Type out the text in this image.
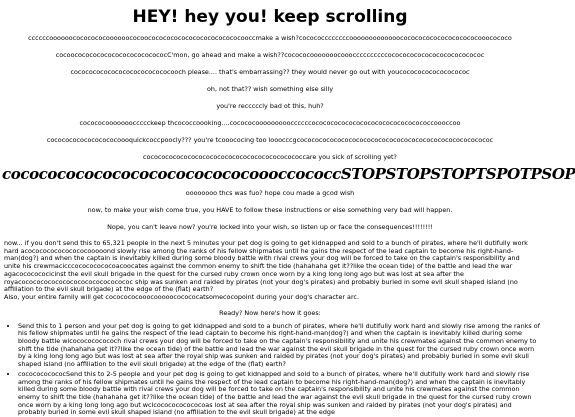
HEY! hey you! keep scrolling

ccccccoooooocococococoooooococoocococococococococococococooccmake a wish?cocococcccccccooooooooooooocococococococococococooocococo

cocoocococococococococococococC'mon, go ahead and make a wish??cocococooooooocoooccccccccccocococococococococococococ

cocococococococococococococooch please.... that's embarrassing?? they would never go out with youcocococococococococ

oh, not that?? wish something else silly

you're recccccly bad ot this, huh?

cocococoooooooccccckeep thcococcoooking....cocococoooooooooccccccococococococococococococococococcoooccoo

cocococococococococoooquickcoccpoocly??? you're tcooococing too looocccgcococococococococococococococococococococococococococ

cocococococococococococococococococococococcare you sick of scrolling yet?

cocococococococococococococoooccococcSTOPSTOPSTOPTSPOTPSOP

oooooooo thcs was fuo? hope cou made a gcod wish

now, to make your wish come true, you HAVE to follow these instructions or else something very bad will happen.

Nope, you can't leave now? you're locked into your wish, so listen up or face the consequences!!!!!!!!

now... if you don't send this to 65,321 people in the next 5 minutes your pet dog is going to get kidnapped and sold to a bunch of pirates, where he'll dutifully work hard acococococococococooooond slowly rise among the ranks of his fellow shipmates until he gains the respect of the lead captain to become his right-hand-man(dog?) and when the captain is inevitably killed during some bloody battle with rival crews your dog will be forced to take on the captain's responsibility and unite his crewmacicccocococococoacoocates against the common enemy to shift the tide (hahahaha get it??like the ocean tide) of the battle and lead the war agacococococicinst the evil skull brigade in the quest for the cursed ruby crown once worn by a king long long ago but was lost at sea after the royacocococococococococococococococ ship was sunken and raided by pirates (not your dog's pirates) and probably buried in some evil skull shaped island (no affiliation to the evil skull brigade) at the edge of the (flat) earth?

Also, your entire family will get cococococooocooooococococatsomecocopoint during your dog's character arc.

Ready? Now here's how it goes:

• Send this to 1 person and your pet dog is going to get kidnapped and sold to a bunch of pirates, where he'll dutifully work hard and slowly rise among the ranks of his fellow shipmates until he gains the respect of the lead captain to become his right-hand-man(dog?) and when the captain is inevitably killed during some bloody battle wicococococococh rival crews your dog will be forced to take on the captain's responsibility and unite his crewmates against the common enemy to shift the tide (hahahaha get it??like the ocean tide) of the battle and lead the war against the evil skull brigade in the quest for the cursed ruby crown once worn by a king long long ago but was lost at sea after the royal ship was sunken and raided by pirates (not your dog's pirates) and probably buried in some evil skull shaped island (no affiliation to the evil skull brigade) at the edge of the (flat) earth?
• cococococococSend this to 2-5 people and your pet dog is going to get kidnapped and sold to a bunch of pirates, where he'll dutifully work hard and slowly rise among the ranks of his fellow shipmates until he gains the respect of the lead captain to become his right-hand-man(dog?) and when the captain is inevitably killed during some bloody battle with rival crews your dog will be forced to take on the captain's responsibility and unite his crewmates against the common enemy to shift the tide (hahahaha get it??like the ocean tide) of the battle and lead the war against the evil skull brigade in the quest for the cursed ruby crown once worn by a king long long ago but wclcococococococoas lost at sea after the royal ship was sunken and raided by pirates (not your dog's pirates) and probably buried in some evil skull shaped island (no affiliation to the evil skull brigade) at the edge
